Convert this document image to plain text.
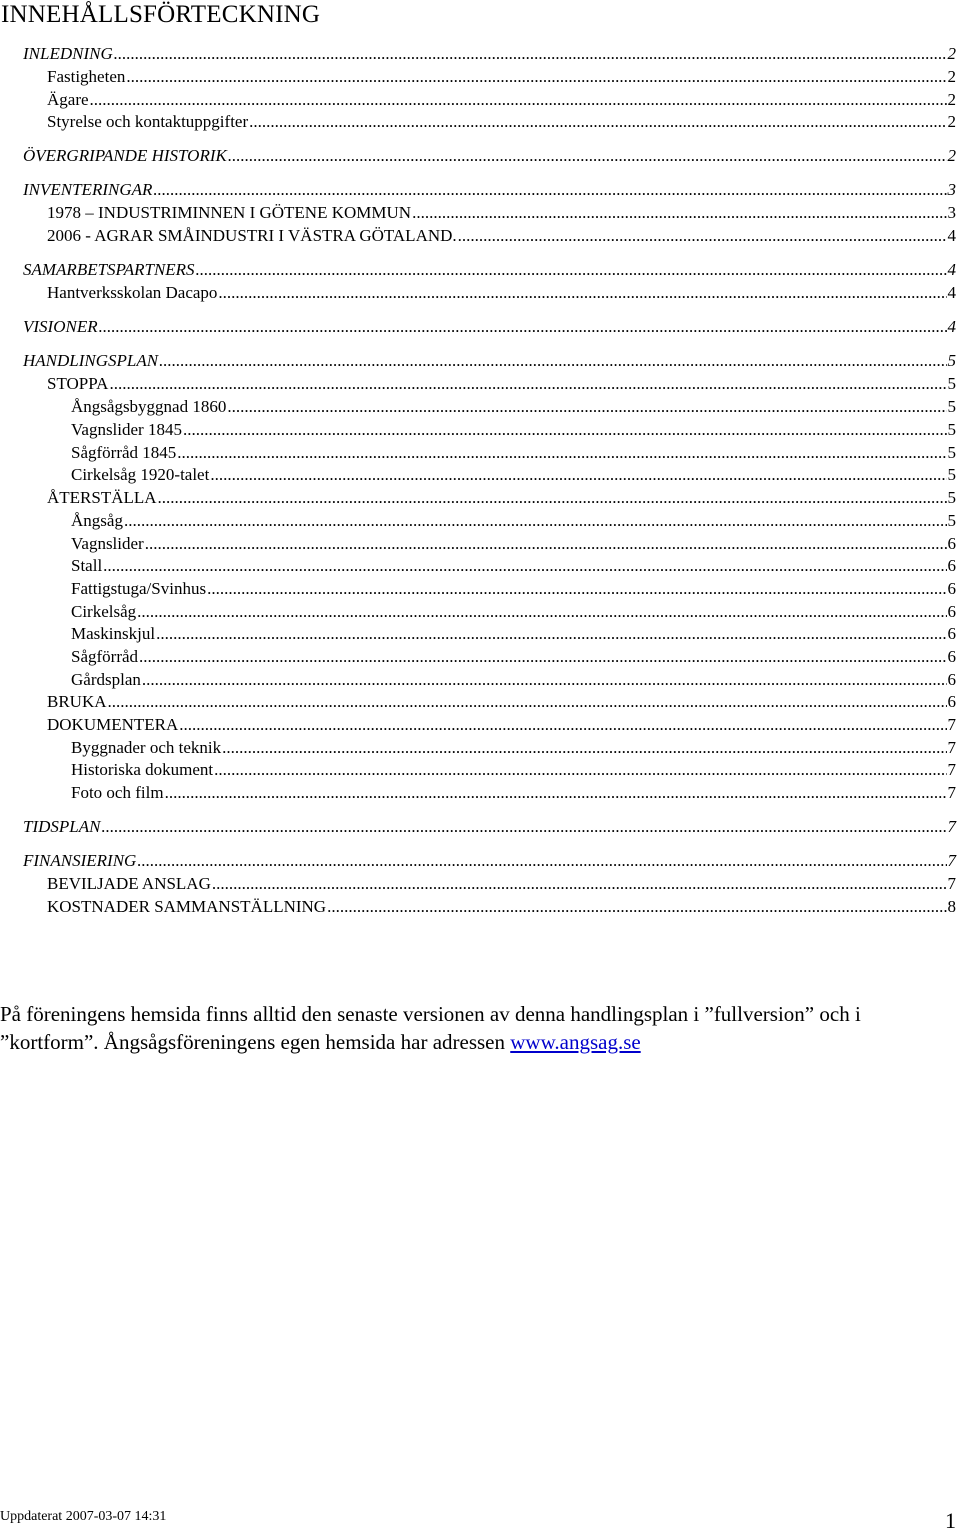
INNEHÅLLSFÖRTECKNING
INLEDNING .....	2
Fastigheten .....	2
Ägare .....	2
Styrelse och kontaktuppgifter .....	2
ÖVERGRIPANDE HISTORIK .....	2
INVENTERINGAR .....	3
1978 – INDUSTRIMINNEN I GÖTENE KOMMUN .....	3
2006 - AGRAR SMÅINDUSTRI I VÄSTRA GÖTALAND. .....	4
SAMARBETSPARTNERS .....	4
Hantverksskolan Dacapo .....	4
VISIONER .....	4
HANDLINGSPLAN .....	5
STOPPA .....	5
Ångsågsbyggnad 1860 .....	5
Vagnslider 1845 .....	5
Sågförråd 1845 .....	5
Cirkelsåg 1920-talet .....	5
ÅTERSTÄLLA .....	5
Ångsåg .....	5
Vagnslider .....	6
Stall .....	6
Fattigstuga/Svinhus .....	6
Cirkelsåg .....	6
Maskinskjul .....	6
Sågförråd .....	6
Gårdsplan .....	6
BRUKA .....	6
DOKUMENTERA .....	7
Byggnader och teknik .....	7
Historiska dokument .....	7
Foto och film .....	7
TIDSPLAN .....	7
FINANSIERING .....	7
BEVILJADE ANSLAG .....	7
KOSTNADER SAMMANSTÄLLNING .....	8

På föreningens hemsida finns alltid den senaste versionen av denna handlingsplan i ”fullversion” och i ”kortform”. Ångsågsföreningens egen hemsida har adressen www.angsag.se

Uppdaterat 2007-03-07 14:31	1
